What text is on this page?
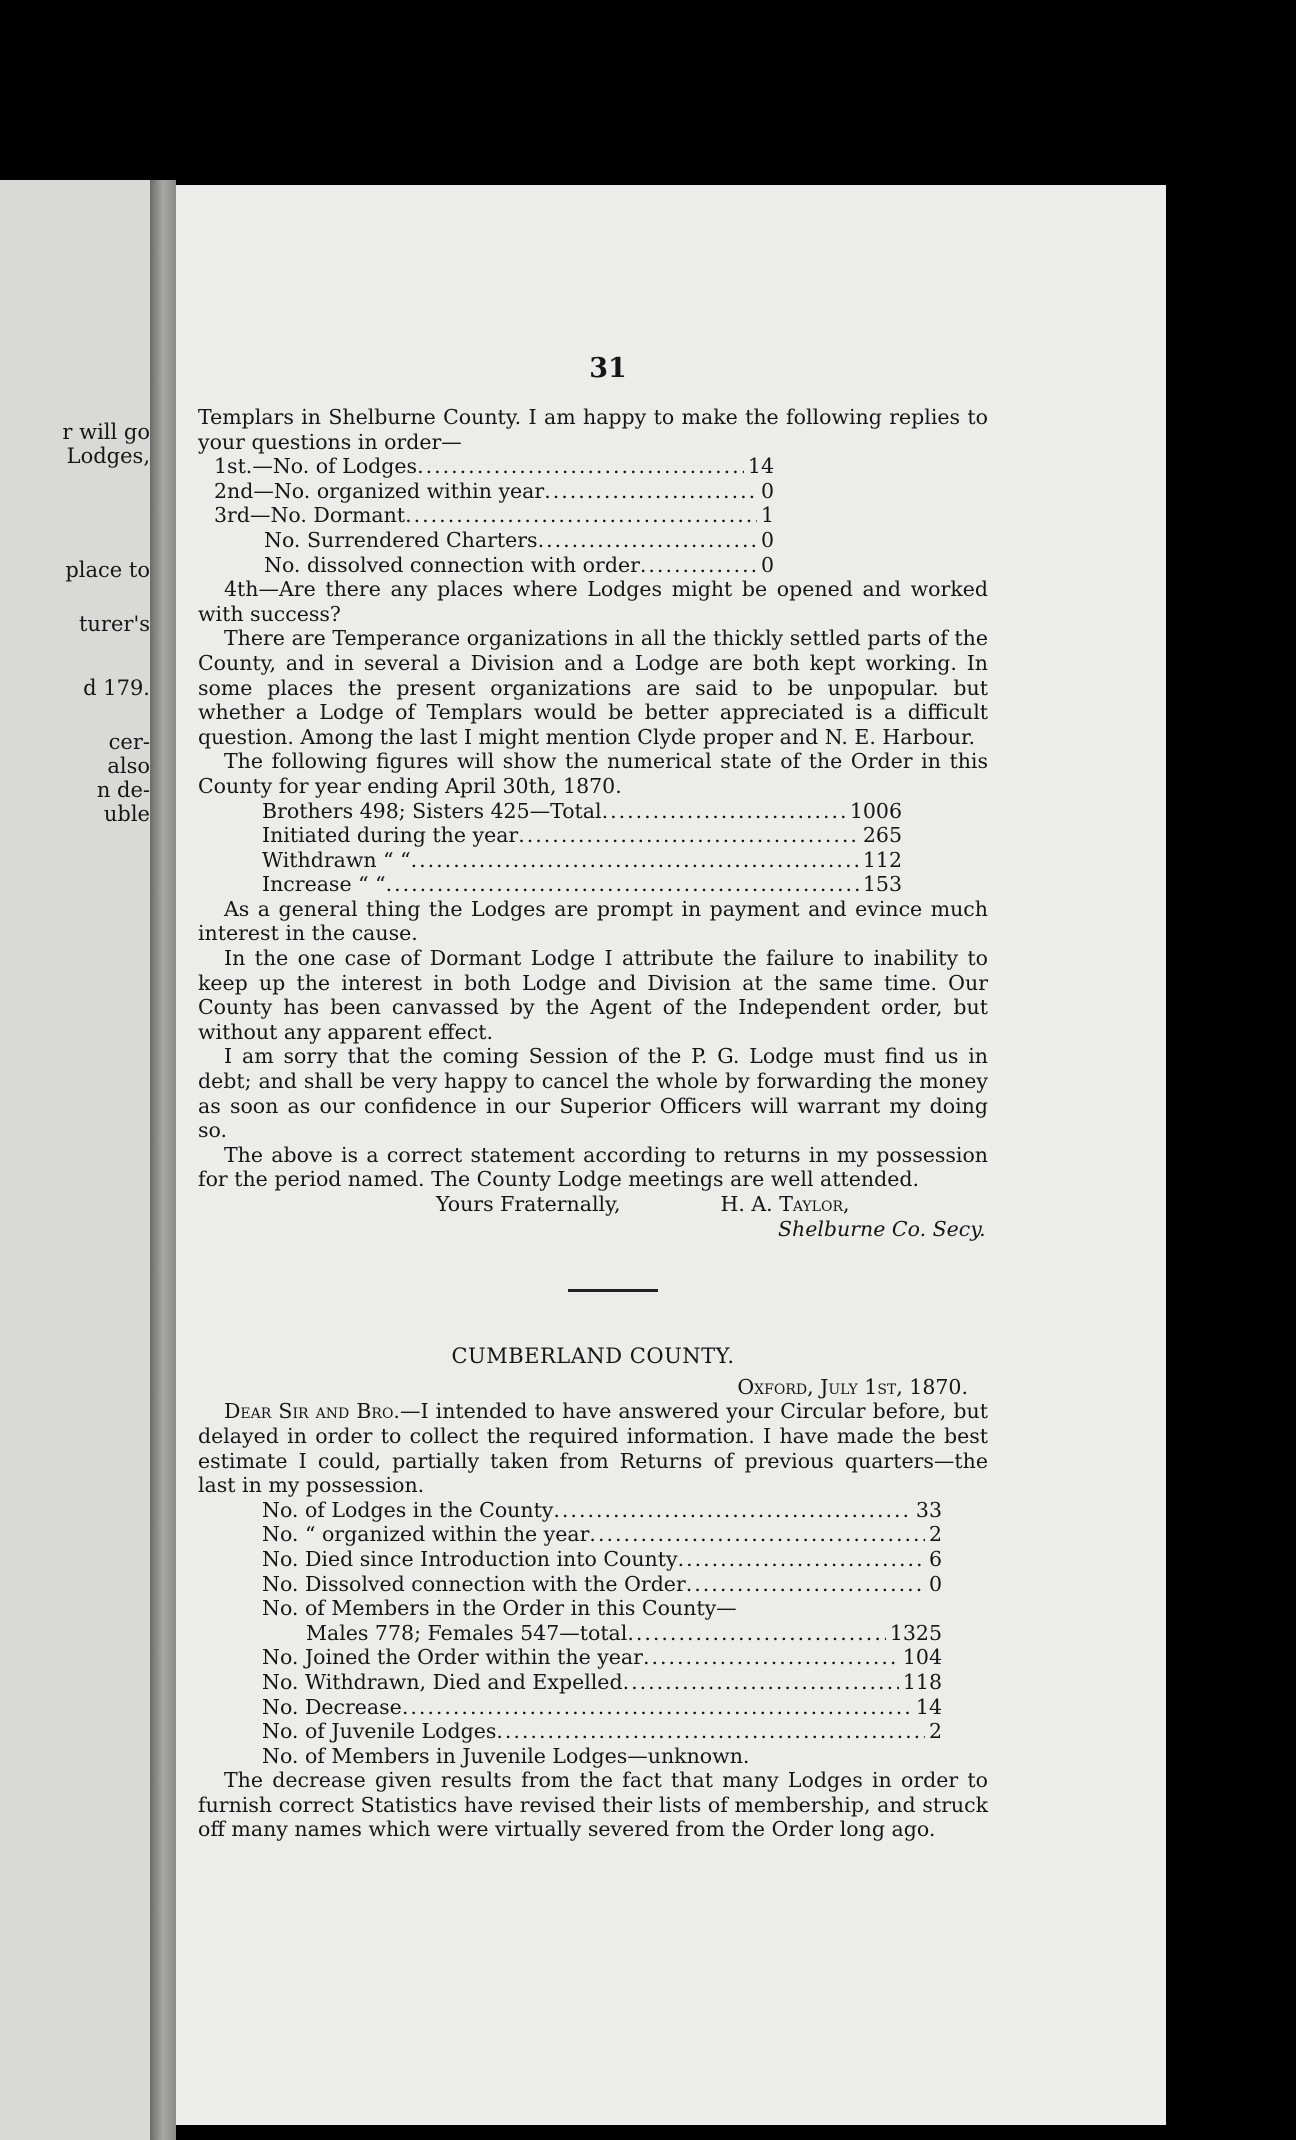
r will go
Lodges,
place to
turer's
d 179.
cer-
also
n de-
uble
31

Templars in Shelburne County. I am happy to make the following replies to your questions in order—

1st.—No. of Lodges .....	14
2nd—No. organized within year .....	0
3rd—No. Dormant .....	1
No. Surrendered Charters .....	0
No. dissolved connection with order .....	0

4th—Are there any places where Lodges might be opened and worked with success?

There are Temperance organizations in all the thickly settled parts of the County, and in several a Division and a Lodge are both kept working. In some places the present organizations are said to be unpopular. but whether a Lodge of Templars would be better appreciated is a difficult question. Among the last I might mention Clyde proper and N. E. Harbour.

The following figures will show the numerical state of the Order in this County for year ending April 30th, 1870.

Brothers 498; Sisters 425—Total .....	1006
Initiated during the year .....	265
Withdrawn “ “ .....	112
Increase “ “ .....	153

As a general thing the Lodges are prompt in payment and evince much interest in the cause.

In the one case of Dormant Lodge I attribute the failure to inability to keep up the interest in both Lodge and Division at the same time. Our County has been canvassed by the Agent of the Independent order, but without any apparent effect.

I am sorry that the coming Session of the P. G. Lodge must find us in debt; and shall be very happy to cancel the whole by forwarding the money as soon as our confidence in our Superior Officers will warrant my doing so.

The above is a correct statement according to returns in my possession for the period named. The County Lodge meetings are well attended.

Yours Fraternally,	H. A. Taylor,
Shelburne Co. Secy.
CUMBERLAND COUNTY.
Oxford, July 1st, 1870.

Dear Sir and Bro.—I intended to have answered your Circular before, but delayed in order to collect the required information. I have made the best estimate I could, partially taken from Returns of previous quarters—the last in my possession.

No. of Lodges in the County .....	33
No. “ organized within the year .....	2
No. Died since Introduction into County .....	6
No. Dissolved connection with the Order .....	0
No. of Members in the Order in this County—
Males 778; Females 547—total .....	1325
No. Joined the Order within the year .....	104
No. Withdrawn, Died and Expelled .....	118
No. Decrease .....	14
No. of Juvenile Lodges .....	2
No. of Members in Juvenile Lodges—unknown.

The decrease given results from the fact that many Lodges in order to furnish correct Statistics have revised their lists of membership, and struck off many names which were virtually severed from the Order long ago.
